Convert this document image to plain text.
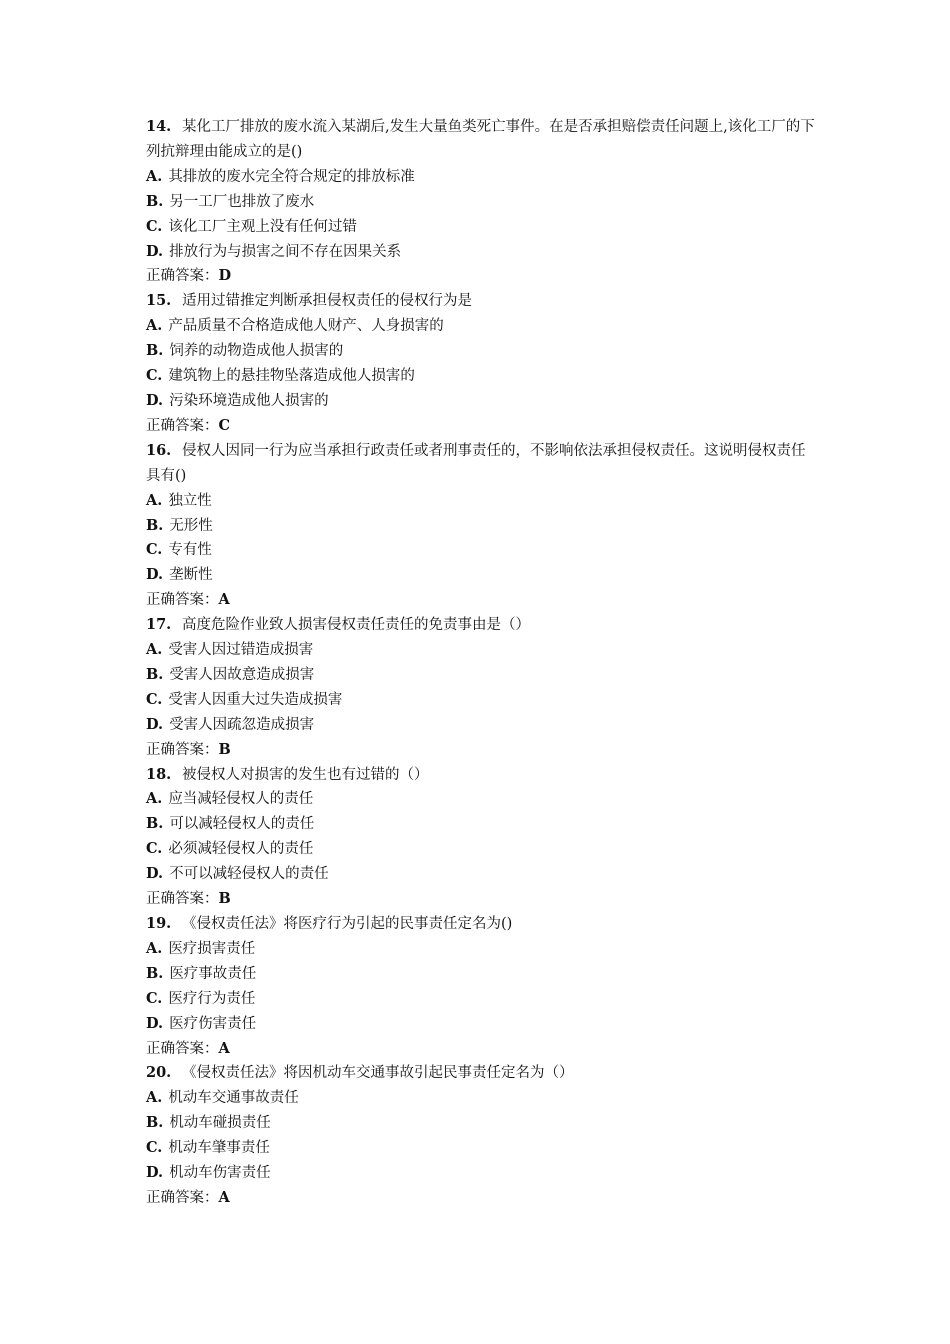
14. 某化工厂排放的废水流入某湖后,发生大量鱼类死亡事件。在是否承担赔偿责任问题上,该化工厂的下列抗辩理由能成立的是()
A. 其排放的废水完全符合规定的排放标准
B. 另一工厂也排放了废水
C. 该化工厂主观上没有任何过错
D. 排放行为与损害之间不存在因果关系
正确答案：D
15. 适用过错推定判断承担侵权责任的侵权行为是
A. 产品质量不合格造成他人财产、人身损害的
B. 饲养的动物造成他人损害的
C. 建筑物上的悬挂物坠落造成他人损害的
D. 污染环境造成他人损害的
正确答案：C
16. 侵权人因同一行为应当承担行政责任或者刑事责任的，不影响依法承担侵权责任。这说明侵权责任具有()
A. 独立性
B. 无形性
C. 专有性
D. 垄断性
正确答案：A
17. 高度危险作业致人损害侵权责任责任的免责事由是（）
A. 受害人因过错造成损害
B. 受害人因故意造成损害
C. 受害人因重大过失造成损害
D. 受害人因疏忽造成损害
正确答案：B
18. 被侵权人对损害的发生也有过错的（）
A. 应当减轻侵权人的责任
B. 可以减轻侵权人的责任
C. 必须减轻侵权人的责任
D. 不可以减轻侵权人的责任
正确答案：B
19. 《侵权责任法》将医疗行为引起的民事责任定名为()
A. 医疗损害责任
B. 医疗事故责任
C. 医疗行为责任
D. 医疗伤害责任
正确答案：A
20. 《侵权责任法》将因机动车交通事故引起民事责任定名为（）
A. 机动车交通事故责任
B. 机动车碰损责任
C. 机动车肇事责任
D. 机动车伤害责任
正确答案：A
